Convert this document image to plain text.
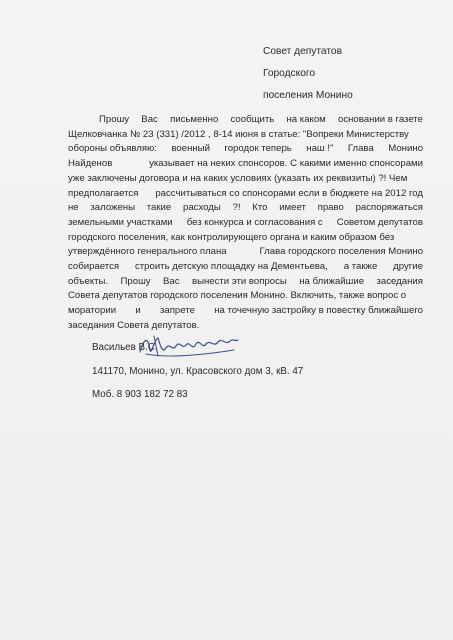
Совет депутатов
Городского
поселения Монино
Прошу Вас письменно сообщить на каком основании в газете
Щелковчанка № 23 (331) /2012 , 8-14 июня в статье: "Вопреки Министерству
обороны объявляю: военный городок теперь наш !" Глава Монино
Найденов	указывает на неких спонсоров. С какими именно спонсорами
уже заключены договора и на каких условиях (указать их реквизиты) ?! Чем
предполагается рассчитываться со спонсорами если в бюджете на 2012 год
не заложены такие расходы ?! Кто имеет право распоряжаться
земельными участками без конкурса и согласования с Советом депутатов
городского поселения, как контролирующего органа и каким образом без
утверждённого генерального плана	Глава городского поселения Монино
собирается строить детскую площадку на Дементьева, а также другие
объекты. Прошу Вас вынести эти вопросы на ближайшие заседания
Совета депутатов городского поселения Монино. Включить, также вопрос о
моратории и запрете на точечную застройку в повестку ближайшего
заседания Совета депутатов.
Васильев В.С.
141170, Монино, ул. Красовского дом 3, кВ. 47
Моб. 8 903 182 72 83
